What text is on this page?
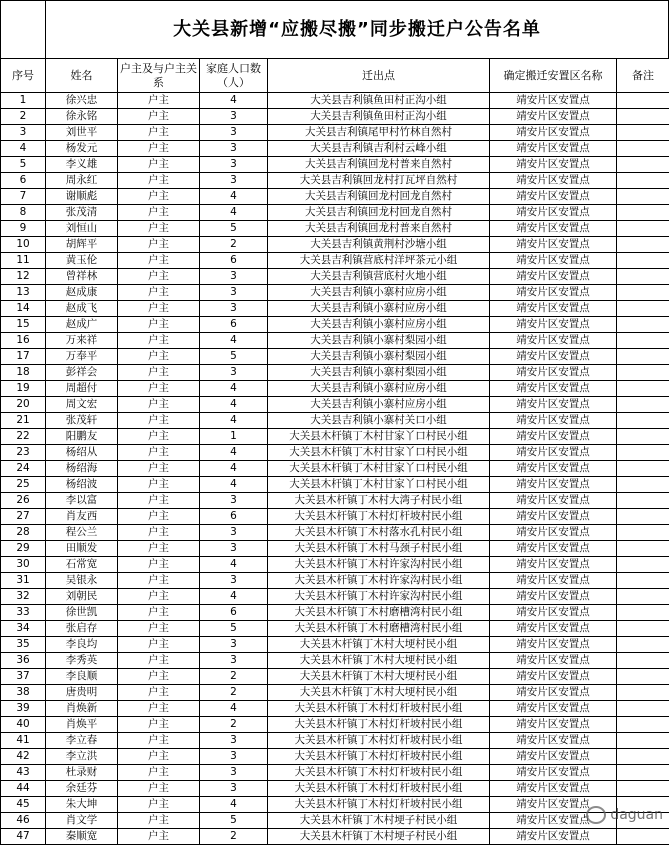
大关县新增“应搬尽搬”同步搬迁户公告名单
序号	姓名	户主及与户主关系	家庭人口数（人）	迁出点	确定搬迁安置区名称	备注
1	徐兴忠	户主	4	大关县吉利镇鱼田村正沟小组	靖安片区安置点	
2	徐永铭	户主	3	大关县吉利镇鱼田村正沟小组	靖安片区安置点	
3	刘世平	户主	3	大关县吉利镇尾甲村竹林自然村	靖安片区安置点	
4	杨发元	户主	3	大关县吉利镇吉利村云峰小组	靖安片区安置点	
5	李义雄	户主	3	大关县吉利镇回龙村普来自然村	靖安片区安置点	
6	周永红	户主	3	大关县吉利镇回龙村打瓦坪自然村	靖安片区安置点	
7	谢顺彪	户主	4	大关县吉利镇回龙村回龙自然村	靖安片区安置点	
8	张茂清	户主	4	大关县吉利镇回龙村回龙自然村	靖安片区安置点	
9	刘恒山	户主	5	大关县吉利镇回龙村普来自然村	靖安片区安置点	
10	胡辉平	户主	2	大关县吉利镇黄荆村沙塘小组	靖安片区安置点	
11	黄玉伦	户主	6	大关县吉利镇营底村洋坪茶元小组	靖安片区安置点	
12	曾祥林	户主	3	大关县吉利镇营底村火地小组	靖安片区安置点	
13	赵成康	户主	3	大关县吉利镇小寨村应房小组	靖安片区安置点	
14	赵成飞	户主	3	大关县吉利镇小寨村应房小组	靖安片区安置点	
15	赵成广	户主	6	大关县吉利镇小寨村应房小组	靖安片区安置点	
16	万来祥	户主	4	大关县吉利镇小寨村梨园小组	靖安片区安置点	
17	万奉平	户主	5	大关县吉利镇小寨村梨园小组	靖安片区安置点	
18	彭祥会	户主	3	大关县吉利镇小寨村梨园小组	靖安片区安置点	
19	周超付	户主	4	大关县吉利镇小寨村应房小组	靖安片区安置点	
20	周文宏	户主	4	大关县吉利镇小寨村应房小组	靖安片区安置点	
21	张茂轩	户主	4	大关县吉利镇小寨村关口小组	靖安片区安置点	
22	阳鹏友	户主	1	大关县木杆镇丁木村甘家丫口村民小组	靖安片区安置点	
23	杨绍从	户主	4	大关县木杆镇丁木村甘家丫口村民小组	靖安片区安置点	
24	杨绍海	户主	4	大关县木杆镇丁木村甘家丫口村民小组	靖安片区安置点	
25	杨绍波	户主	4	大关县木杆镇丁木村甘家丫口村民小组	靖安片区安置点	
26	李以富	户主	3	大关县木杆镇丁木村大湾子村民小组	靖安片区安置点	
27	肖友西	户主	6	大关县木杆镇丁木村灯杆坡村民小组	靖安片区安置点	
28	程公兰	户主	3	大关县木杆镇丁木村落水孔村民小组	靖安片区安置点	
29	田顺发	户主	3	大关县木杆镇丁木村马颈子村民小组	靖安片区安置点	
30	石常宽	户主	4	大关县木杆镇丁木村许家沟村民小组	靖安片区安置点	
31	吴银永	户主	3	大关县木杆镇丁木村许家沟村民小组	靖安片区安置点	
32	刘朝民	户主	4	大关县木杆镇丁木村许家沟村民小组	靖安片区安置点	
33	徐世凯	户主	6	大关县木杆镇丁木村磨槽湾村民小组	靖安片区安置点	
34	张启存	户主	5	大关县木杆镇丁木村磨槽湾村民小组	靖安片区安置点	
35	李良均	户主	3	大关县木杆镇丁木村大埂村民小组	靖安片区安置点	
36	李秀英	户主	3	大关县木杆镇丁木村大埂村民小组	靖安片区安置点	
37	李良顺	户主	2	大关县木杆镇丁木村大埂村民小组	靖安片区安置点	
38	唐贵明	户主	2	大关县木杆镇丁木村大埂村民小组	靖安片区安置点	
39	肖焕新	户主	4	大关县木杆镇丁木村灯杆坡村民小组	靖安片区安置点	
40	肖焕平	户主	2	大关县木杆镇丁木村灯杆坡村民小组	靖安片区安置点	
41	李立春	户主	3	大关县木杆镇丁木村灯杆坡村民小组	靖安片区安置点	
42	李立洪	户主	3	大关县木杆镇丁木村灯杆坡村民小组	靖安片区安置点	
43	杜录财	户主	3	大关县木杆镇丁木村灯杆坡村民小组	靖安片区安置点	
44	余廷芬	户主	3	大关县木杆镇丁木村灯杆坡村民小组	靖安片区安置点	
45	朱大坤	户主	4	大关县木杆镇丁木村灯杆坡村民小组	靖安片区安置点	
46	肖文学	户主	5	大关县木杆镇丁木村埂子村民小组	靖安片区安置点	
47	秦顺宽	户主	2	大关县木杆镇丁木村埂子村民小组	靖安片区安置点	
daguan
